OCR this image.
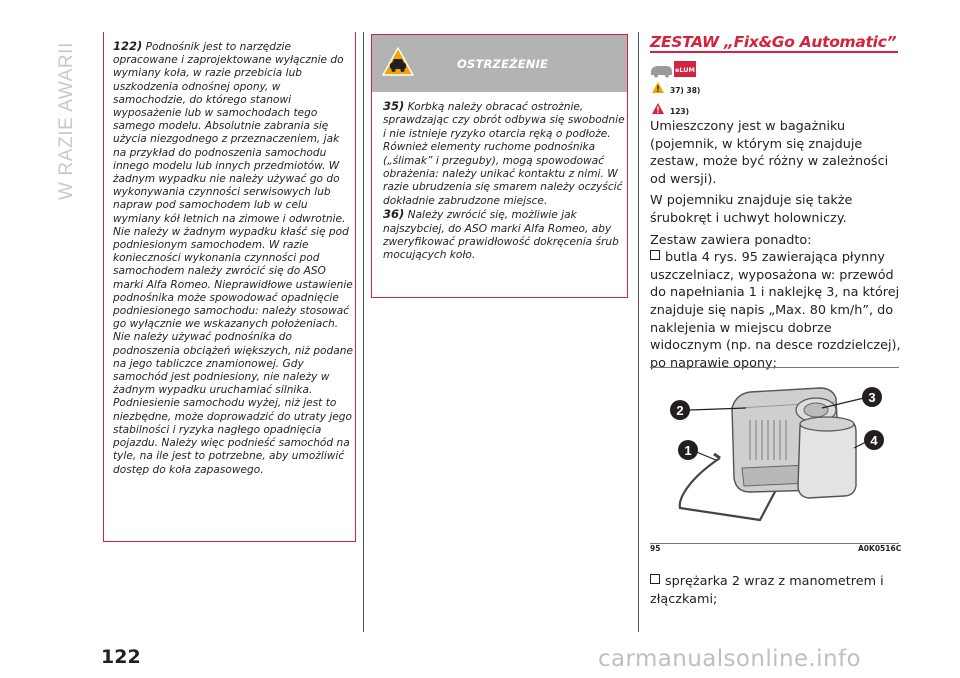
W RAZIE AWARII	122) Podnośnik jest to narzędzie opracowane i zaprojektowane wyłącznie do wymiany koła, w razie przebicia lub uszkodzenia odnośnej opony, w samochodzie, do którego stanowi wyposażenie lub w samochodach tego samego modelu. Absolutnie zabrania się użycia niezgodnego z przeznaczeniem, jak na przykład do podnoszenia samochodu innego modelu lub innych przedmiotów. W żadnym wypadku nie należy używać go do wykonywania czynności serwisowych lub napraw pod samochodem lub w celu wymiany kół letnich na zimowe i odwrotnie. Nie należy w żadnym wypadku kłaść się pod podniesionym samochodem. W razie konieczności wykonania czynności pod samochodem należy zwrócić się do ASO marki Alfa Romeo. Nieprawidłowe ustawienie podnośnika może spowodować opadnięcie podniesionego samochodu: należy stosować go wyłącznie we wskazanych położeniach. Nie należy używać podnośnika do podnoszenia obciążeń większych, niż podane na jego tabliczce znamionowej. Gdy samochód jest podniesiony, nie należy w żadnym wypadku uruchamiać silnika. Podniesienie samochodu wyżej, niż jest to niezbędne, może doprowadzić do utraty jego stabilności i ryzyka nagłego opadnięcia pojazdu. Należy więc podnieść samochód na tyle, na ile jest to potrzebne, aby umożliwić dostęp do koła zapasowego.
OSTRZEŻENIE
35) Korbką należy obracać ostrożnie, sprawdzając czy obrót odbywa się swobodnie i nie istnieje ryzyko otarcia ręką o podłoże. Również elementy ruchome podnośnika („ślimak” i przeguby), mogą spowodować obrażenia: należy unikać kontaktu z nimi. W razie ubrudzenia się smarem należy oczyścić dokładnie zabrudzone miejsce.
36) Należy zwrócić się, możliwie jak najszybciej, do ASO marki Alfa Romeo, aby zweryfikować prawidłowość dokręcenia śrub mocujących koło.
ZESTAW „Fix&Go Automatic”
eLUM
37) 38)
123)

Umieszczony jest w bagażniku (pojemnik, w którym się znajduje zestaw, może być różny w zależności od wersji).

W pojemniku znajduje się także śrubokręt i uchwyt holowniczy.

Zestaw zawiera ponadto:

butla 4 rys. 95 zawierająca płynny uszczelniacz, wyposażona w: przewód do napełniania 1 i naklejkę 3, na której znajduje się napis „Max. 80 km/h”, do naklejenia w miejscu dobrze widocznym (np. na desce rozdzielczej), po naprawie opony;
1
2
3
4
95	A0K0516C
sprężarka 2 wraz z manometrem i złączkami;
122	carmanualsonline.info
